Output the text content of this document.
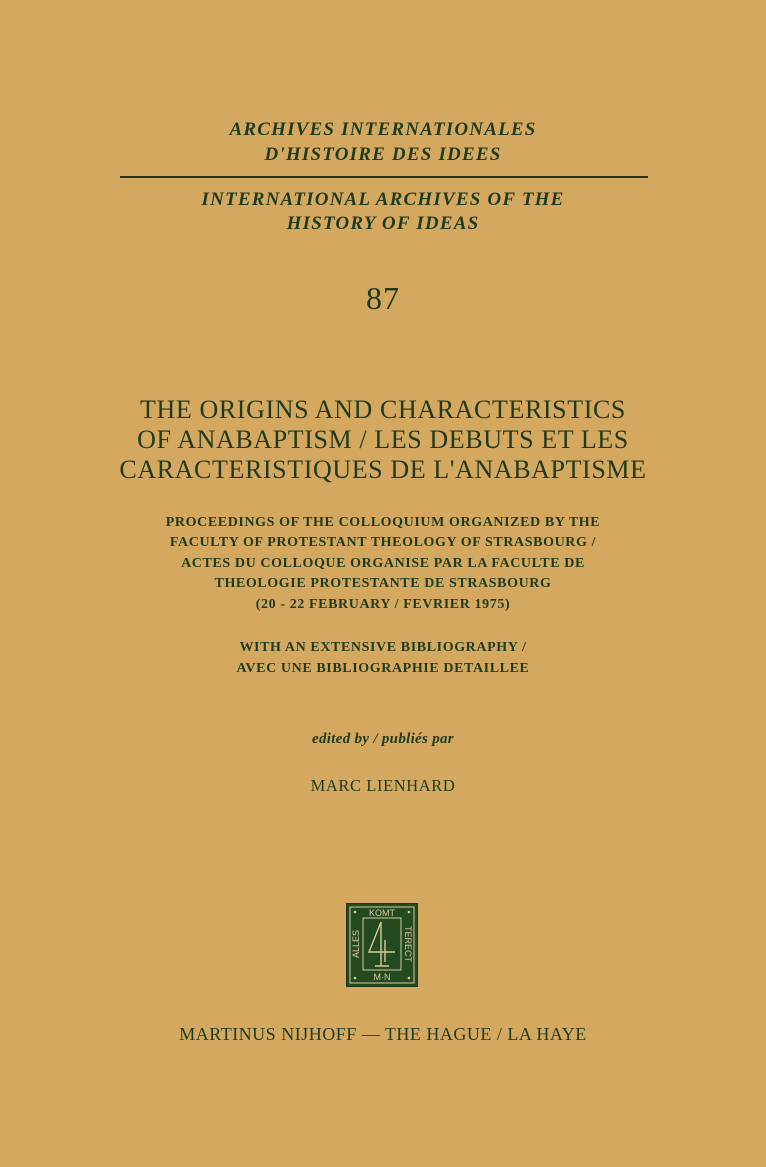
ARCHIVES INTERNATIONALES
D'HISTOIRE DES IDEES
INTERNATIONAL ARCHIVES OF THE
HISTORY OF IDEAS
87
THE ORIGINS AND CHARACTERISTICS
OF ANABAPTISM / LES DEBUTS ET LES
CARACTERISTIQUES DE L'ANABAPTISME
PROCEEDINGS OF THE COLLOQUIUM ORGANIZED BY THE
FACULTY OF PROTESTANT THEOLOGY OF STRASBOURG /
ACTES DU COLLOQUE ORGANISE PAR LA FACULTE DE
THEOLOGIE PROTESTANTE DE STRASBOURG
(20 - 22 FEBRUARY / FEVRIER 1975)
WITH AN EXTENSIVE BIBLIOGRAPHY /
AVEC UNE BIBLIOGRAPHIE DETAILLEE
edited by / publiés par
MARC LIENHARD
KOMT
M·N
ALLES	TERECT
MARTINUS NIJHOFF — THE HAGUE / LA HAYE
